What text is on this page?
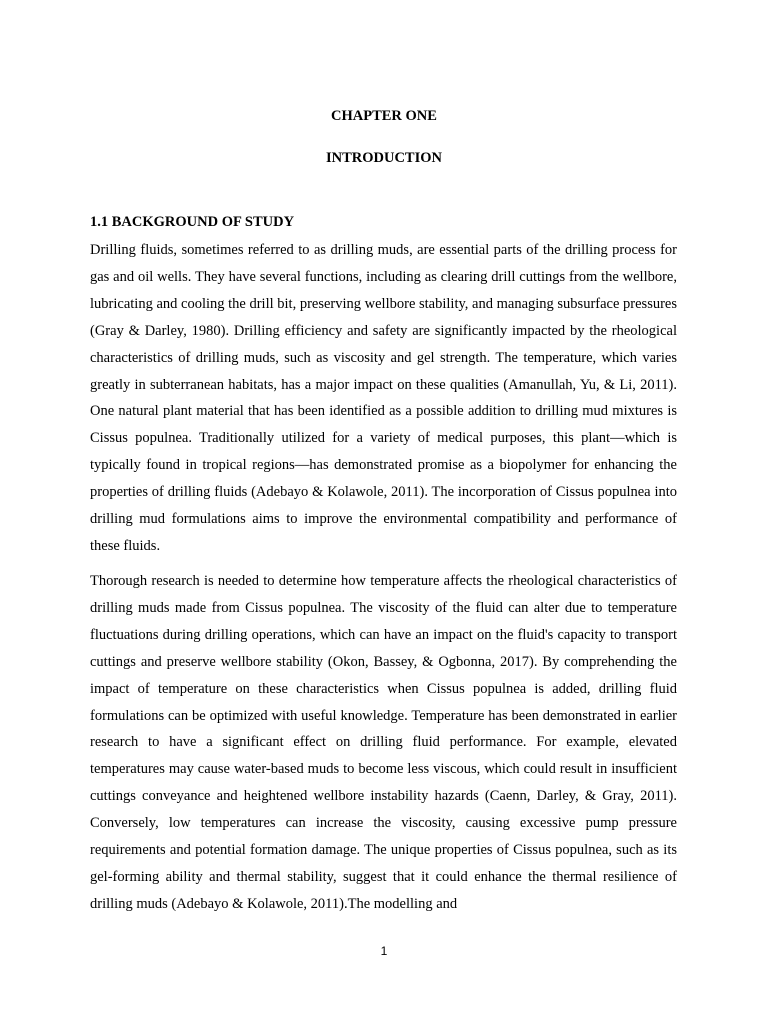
CHAPTER ONE
INTRODUCTION
1.1 BACKGROUND OF STUDY

Drilling fluids, sometimes referred to as drilling muds, are essential parts of the drilling process for gas and oil wells. They have several functions, including as clearing drill cuttings from the wellbore, lubricating and cooling the drill bit, preserving wellbore stability, and managing subsurface pressures (Gray & Darley, 1980). Drilling efficiency and safety are significantly impacted by the rheological characteristics of drilling muds, such as viscosity and gel strength. The temperature, which varies greatly in subterranean habitats, has a major impact on these qualities (Amanullah, Yu, & Li, 2011). One natural plant material that has been identified as a possible addition to drilling mud mixtures is Cissus populnea. Traditionally utilized for a variety of medical purposes, this plant—which is typically found in tropical regions—has demonstrated promise as a biopolymer for enhancing the properties of drilling fluids (Adebayo & Kolawole, 2011). The incorporation of Cissus populnea into drilling mud formulations aims to improve the environmental compatibility and performance of these fluids.

Thorough research is needed to determine how temperature affects the rheological characteristics of drilling muds made from Cissus populnea. The viscosity of the fluid can alter due to temperature fluctuations during drilling operations, which can have an impact on the fluid's capacity to transport cuttings and preserve wellbore stability (Okon, Bassey, & Ogbonna, 2017). By comprehending the impact of temperature on these characteristics when Cissus populnea is added, drilling fluid formulations can be optimized with useful knowledge. Temperature has been demonstrated in earlier research to have a significant effect on drilling fluid performance. For example, elevated temperatures may cause water-based muds to become less viscous, which could result in insufficient cuttings conveyance and heightened wellbore instability hazards (Caenn, Darley, & Gray, 2011). Conversely, low temperatures can increase the viscosity, causing excessive pump pressure requirements and potential formation damage. The unique properties of Cissus populnea, such as its gel-forming ability and thermal stability, suggest that it could enhance the thermal resilience of drilling muds (Adebayo & Kolawole, 2011).The modelling and

1
